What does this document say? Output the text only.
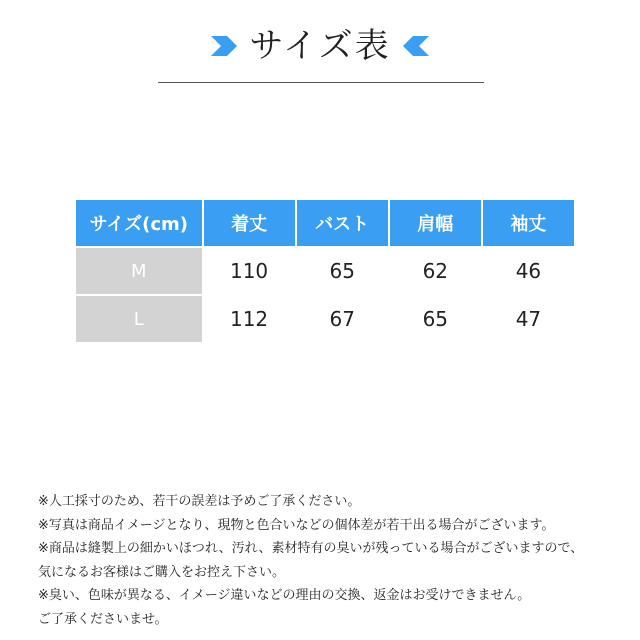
サイズ表
サイズ(cm)	着丈	バスト	肩幅	袖丈
M	110	65	62	46
L	112	67	65	47

※人工採寸のため、若干の誤差は予めご了承ください。

※写真は商品イメージとなり、現物と色合いなどの個体差が若干出る場合がございます。

※商品は縫製上の細かいほつれ、汚れ、素材特有の臭いが残っている場合がございますので、

気になるお客様はご購入をお控え下さい。

※臭い、色味が異なる、イメージ違いなどの理由の交換、返金はお受けできません。

ご了承くださいませ。
